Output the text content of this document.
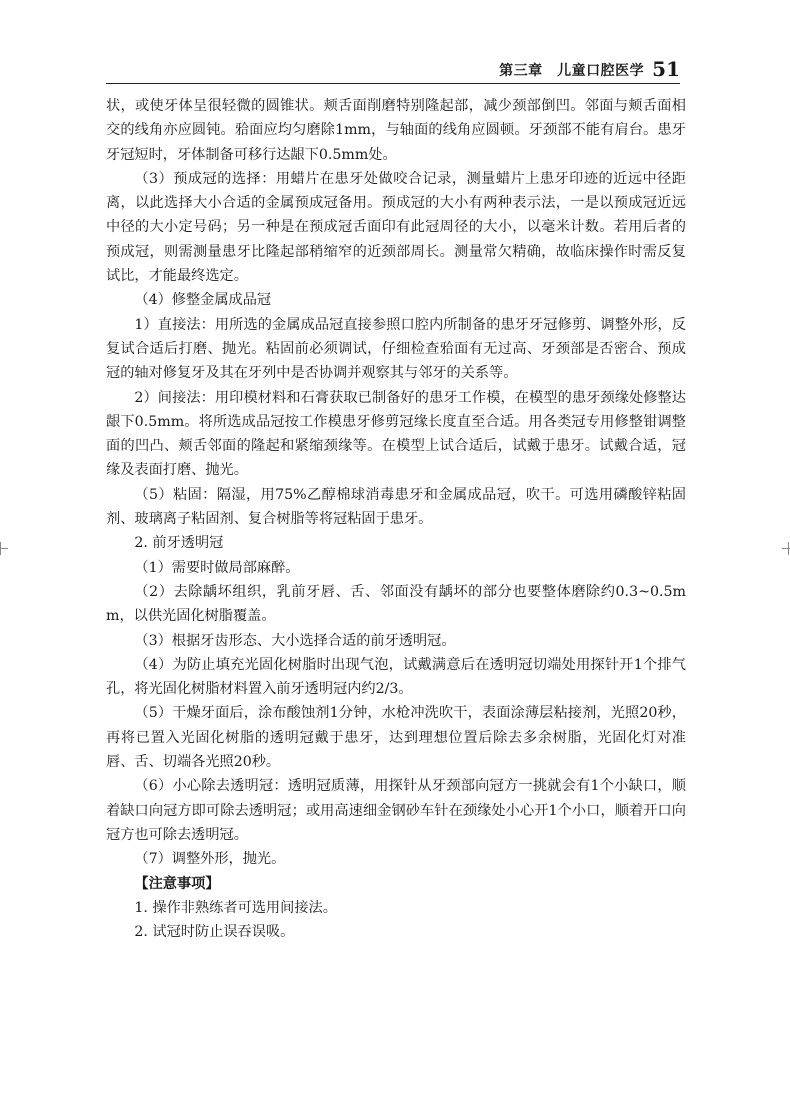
第三章　儿童口腔医学 51

状，或使牙体呈很轻微的圆锥状。颊舌面削磨特别隆起部，减少颈部倒凹。邻面与颊舌面相交的线角亦应圆钝。𬌗面应均匀磨除1mm，与轴面的线角应圆顿。牙颈部不能有肩台。患牙牙冠短时，牙体制备可移行达龈下0.5mm处。

（3）预成冠的选择：用蜡片在患牙处做咬合记录，测量蜡片上患牙印迹的近远中径距离，以此选择大小合适的金属预成冠备用。预成冠的大小有两种表示法，一是以预成冠近远中径的大小定号码；另一种是在预成冠舌面印有此冠周径的大小，以毫米计数。若用后者的预成冠，则需测量患牙比隆起部稍缩窄的近颈部周长。测量常欠精确，故临床操作时需反复试比，才能最终选定。

（4）修整金属成品冠

1）直接法：用所选的金属成品冠直接参照口腔内所制备的患牙牙冠修剪、调整外形，反复试合适后打磨、抛光。粘固前必须调试，仔细检查𬌗面有无过高、牙颈部是否密合、预成冠的轴对修复牙及其在牙列中是否协调并观察其与邻牙的关系等。

2）间接法：用印模材料和石膏获取已制备好的患牙工作模，在模型的患牙颈缘处修整达龈下0.5mm。将所选成品冠按工作模患牙修剪冠缘长度直至合适。用各类冠专用修整钳调整面的凹凸、颊舌邻面的隆起和紧缩颈缘等。在模型上试合适后，试戴于患牙。试戴合适，冠缘及表面打磨、抛光。

（5）粘固：隔湿，用75%乙醇棉球消毒患牙和金属成品冠，吹干。可选用磷酸锌粘固剂、玻璃离子粘固剂、复合树脂等将冠粘固于患牙。

2. 前牙透明冠

（1）需要时做局部麻醉。

（2）去除龋坏组织，乳前牙唇、舌、邻面没有龋坏的部分也要整体磨除约0.3~0.5mm，以供光固化树脂覆盖。

（3）根据牙齿形态、大小选择合适的前牙透明冠。

（4）为防止填充光固化树脂时出现气泡，试戴满意后在透明冠切端处用探针开1个排气孔，将光固化树脂材料置入前牙透明冠内约2/3。

（5）干燥牙面后，涂布酸蚀剂1分钟，水枪冲洗吹干，表面涂薄层粘接剂，光照20秒，再将已置入光固化树脂的透明冠戴于患牙，达到理想位置后除去多余树脂，光固化灯对准唇、舌、切端各光照20秒。

（6）小心除去透明冠：透明冠质薄，用探针从牙颈部向冠方一挑就会有1个小缺口，顺着缺口向冠方即可除去透明冠；或用高速细金钢砂车针在颈缘处小心开1个小口，顺着开口向冠方也可除去透明冠。

（7）调整外形，抛光。

【注意事项】

1. 操作非熟练者可选用间接法。

2. 试冠时防止误吞误吸。
